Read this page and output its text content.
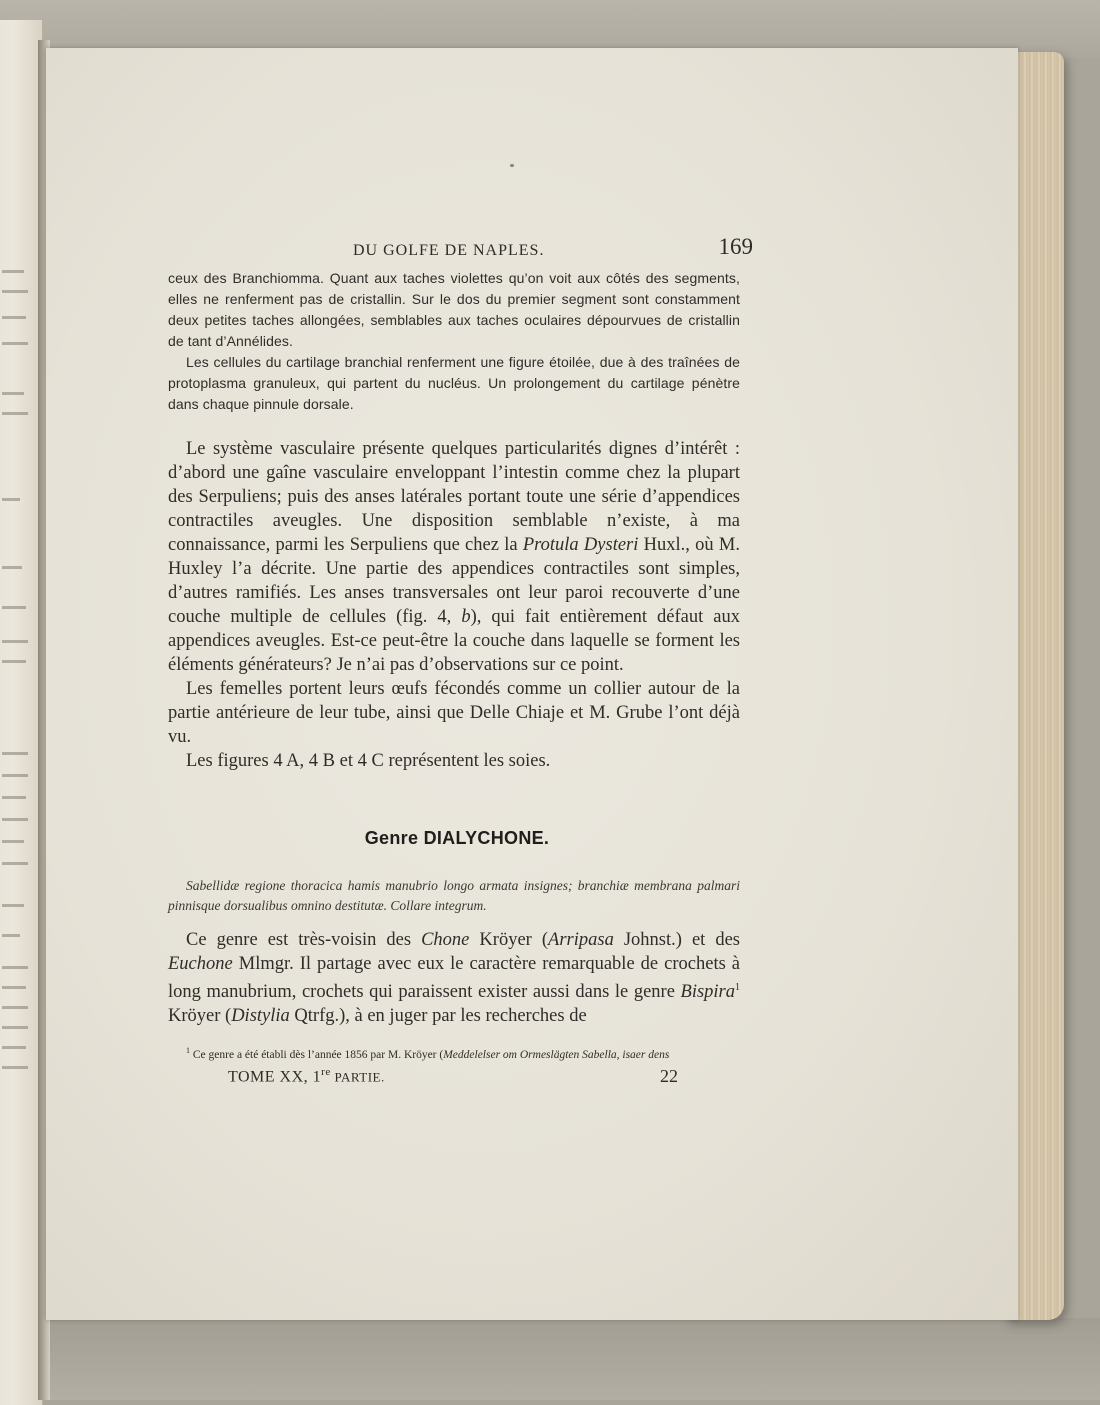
DU GOLFE DE NAPLES.	169

ceux des Branchiomma. Quant aux taches violettes qu’on voit aux côtés des segments, elles ne renferment pas de cristallin. Sur le dos du premier segment sont constamment deux petites taches allongées, semblables aux taches oculaires dépourvues de cristallin de tant d’Annélides.

Les cellules du cartilage branchial renferment une figure étoilée, due à des traînées de protoplasma granuleux, qui partent du nucléus. Un prolongement du cartilage pénètre dans chaque pinnule dorsale.

Le système vasculaire présente quelques particularités dignes d’intérêt : d’abord une gaîne vasculaire enveloppant l’intestin comme chez la plupart des Serpuliens; puis des anses latérales portant toute une série d’appendices contractiles aveugles. Une disposition semblable n’existe, à ma connaissance, parmi les Serpuliens que chez la Protula Dysteri Huxl., où M. Huxley l’a décrite. Une partie des appendices contractiles sont simples, d’autres ramifiés. Les anses transversales ont leur paroi recouverte d’une couche multiple de cellules (fig. 4, b), qui fait entièrement défaut aux appendices aveugles. Est-ce peut-être la couche dans laquelle se forment les éléments générateurs? Je n’ai pas d’observations sur ce point.

Les femelles portent leurs œufs fécondés comme un collier autour de la partie antérieure de leur tube, ainsi que Delle Chiaje et M. Grube l’ont déjà vu.

Les figures 4 A, 4 B et 4 C représentent les soies.

Genre DIALYCHONE.

Sabellidæ regione thoracica hamis manubrio longo armata insignes; branchiæ membrana palmari pinnisque dorsualibus omnino destitutæ. Collare integrum.

Ce genre est très-voisin des Chone Kröyer (Arripasa Johnst.) et des Euchone Mlmgr. Il partage avec eux le caractère remarquable de crochets à long manubrium, crochets qui paraissent exister aussi dans le genre Bispira$^1$ Kröyer (Distylia Qtrfg.), à en juger par les recherches de

$^1$ Ce genre a été établi dès l’année 1856 par M. Kröyer (Meddelelser om Ormeslägten Sabella, isaer dens

TOME XX, 1re PARTIE.	22
